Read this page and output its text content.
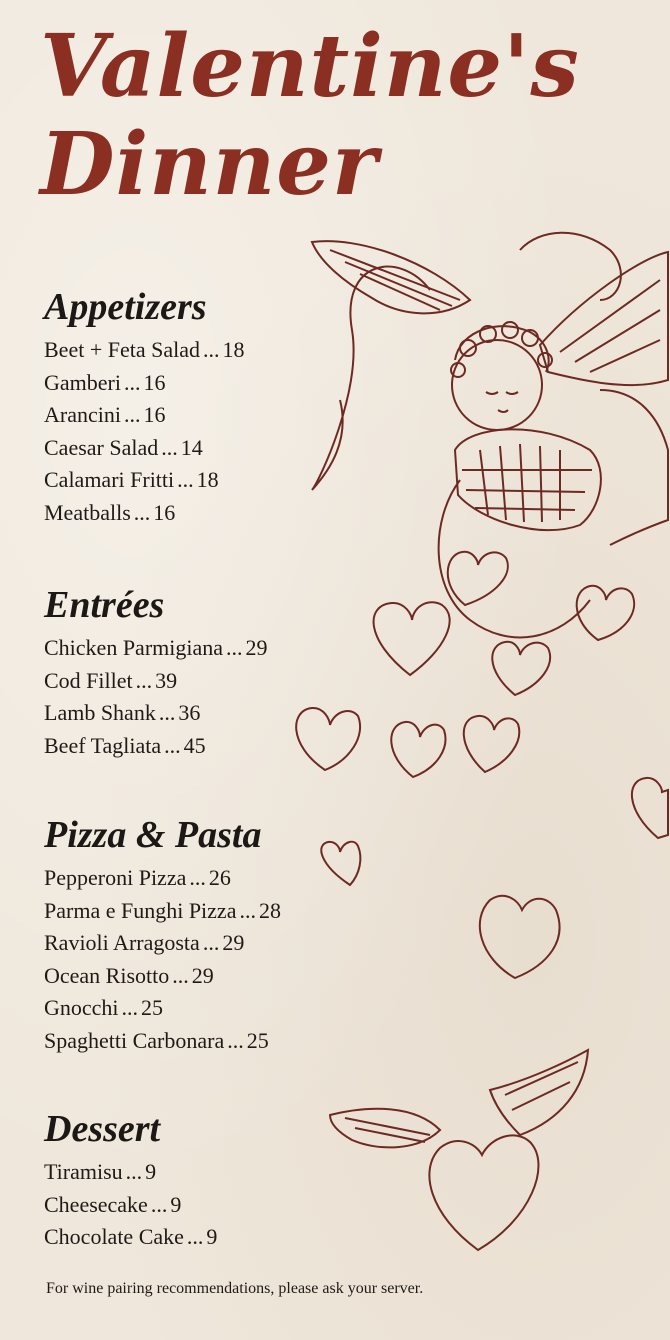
Valentine's
Dinner
Appetizers
Beet + Feta Salad ... 18
Gamberi ... 16
Arancini ... 16
Caesar Salad ... 14
Calamari Fritti ... 18
Meatballs ... 16
Entrées
Chicken Parmigiana ... 29
Cod Fillet ... 39
Lamb Shank ... 36
Beef Tagliata ... 45
Pizza & Pasta
Pepperoni Pizza ... 26
Parma e Funghi Pizza ... 28
Ravioli Arragosta ... 29
Ocean Risotto ... 29
Gnocchi ... 25
Spaghetti Carbonara ... 25
Dessert
Tiramisu ... 9
Cheesecake ... 9
Chocolate Cake ... 9

For wine pairing recommendations, please ask your server.
